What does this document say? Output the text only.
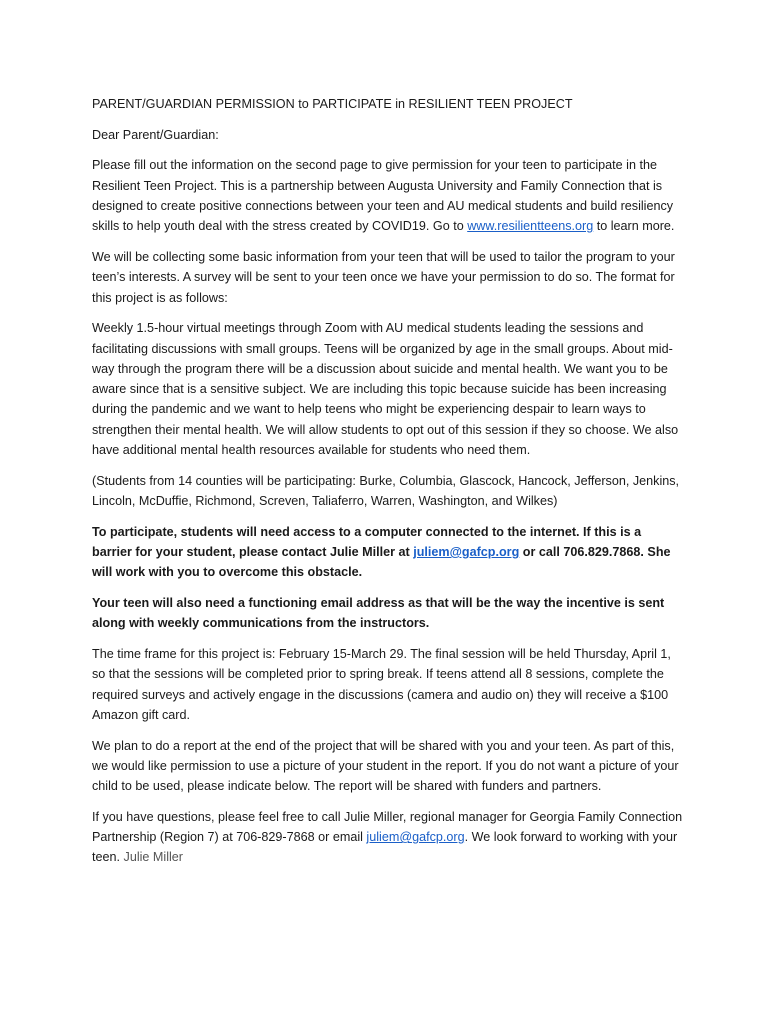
PARENT/GUARDIAN PERMISSION to PARTICIPATE in RESILIENT TEEN PROJECT

Dear Parent/Guardian:

Please fill out the information on the second page to give permission for your teen to participate in the Resilient Teen Project. This is a partnership between Augusta University and Family Connection that is designed to create positive connections between your teen and AU medical students and build resiliency skills to help youth deal with the stress created by COVID19. Go to www.resilientteens.org to learn more.

We will be collecting some basic information from your teen that will be used to tailor the program to your teen’s interests. A survey will be sent to your teen once we have your permission to do so. The format for this project is as follows:

Weekly 1.5-hour virtual meetings through Zoom with AU medical students leading the sessions and facilitating discussions with small groups. Teens will be organized by age in the small groups. About mid-way through the program there will be a discussion about suicide and mental health. We want you to be aware since that is a sensitive subject. We are including this topic because suicide has been increasing during the pandemic and we want to help teens who might be experiencing despair to learn ways to strengthen their mental health. We will allow students to opt out of this session if they so choose. We also have additional mental health resources available for students who need them.

(Students from 14 counties will be participating: Burke, Columbia, Glascock, Hancock, Jefferson, Jenkins, Lincoln, McDuffie, Richmond, Screven, Taliaferro, Warren, Washington, and Wilkes)

To participate, students will need access to a computer connected to the internet. If this is a barrier for your student, please contact Julie Miller at juliem@gafcp.org or call 706.829.7868. She will work with you to overcome this obstacle.

Your teen will also need a functioning email address as that will be the way the incentive is sent along with weekly communications from the instructors.

The time frame for this project is: February 15-March 29. The final session will be held Thursday, April 1, so that the sessions will be completed prior to spring break. If teens attend all 8 sessions, complete the required surveys and actively engage in the discussions (camera and audio on) they will receive a $100 Amazon gift card.

We plan to do a report at the end of the project that will be shared with you and your teen. As part of this, we would like permission to use a picture of your student in the report. If you do not want a picture of your child to be used, please indicate below. The report will be shared with funders and partners.

If you have questions, please feel free to call Julie Miller, regional manager for Georgia Family Connection Partnership (Region 7) at 706-829-7868 or email juliem@gafcp.org. We look forward to working with your teen. Julie Miller
